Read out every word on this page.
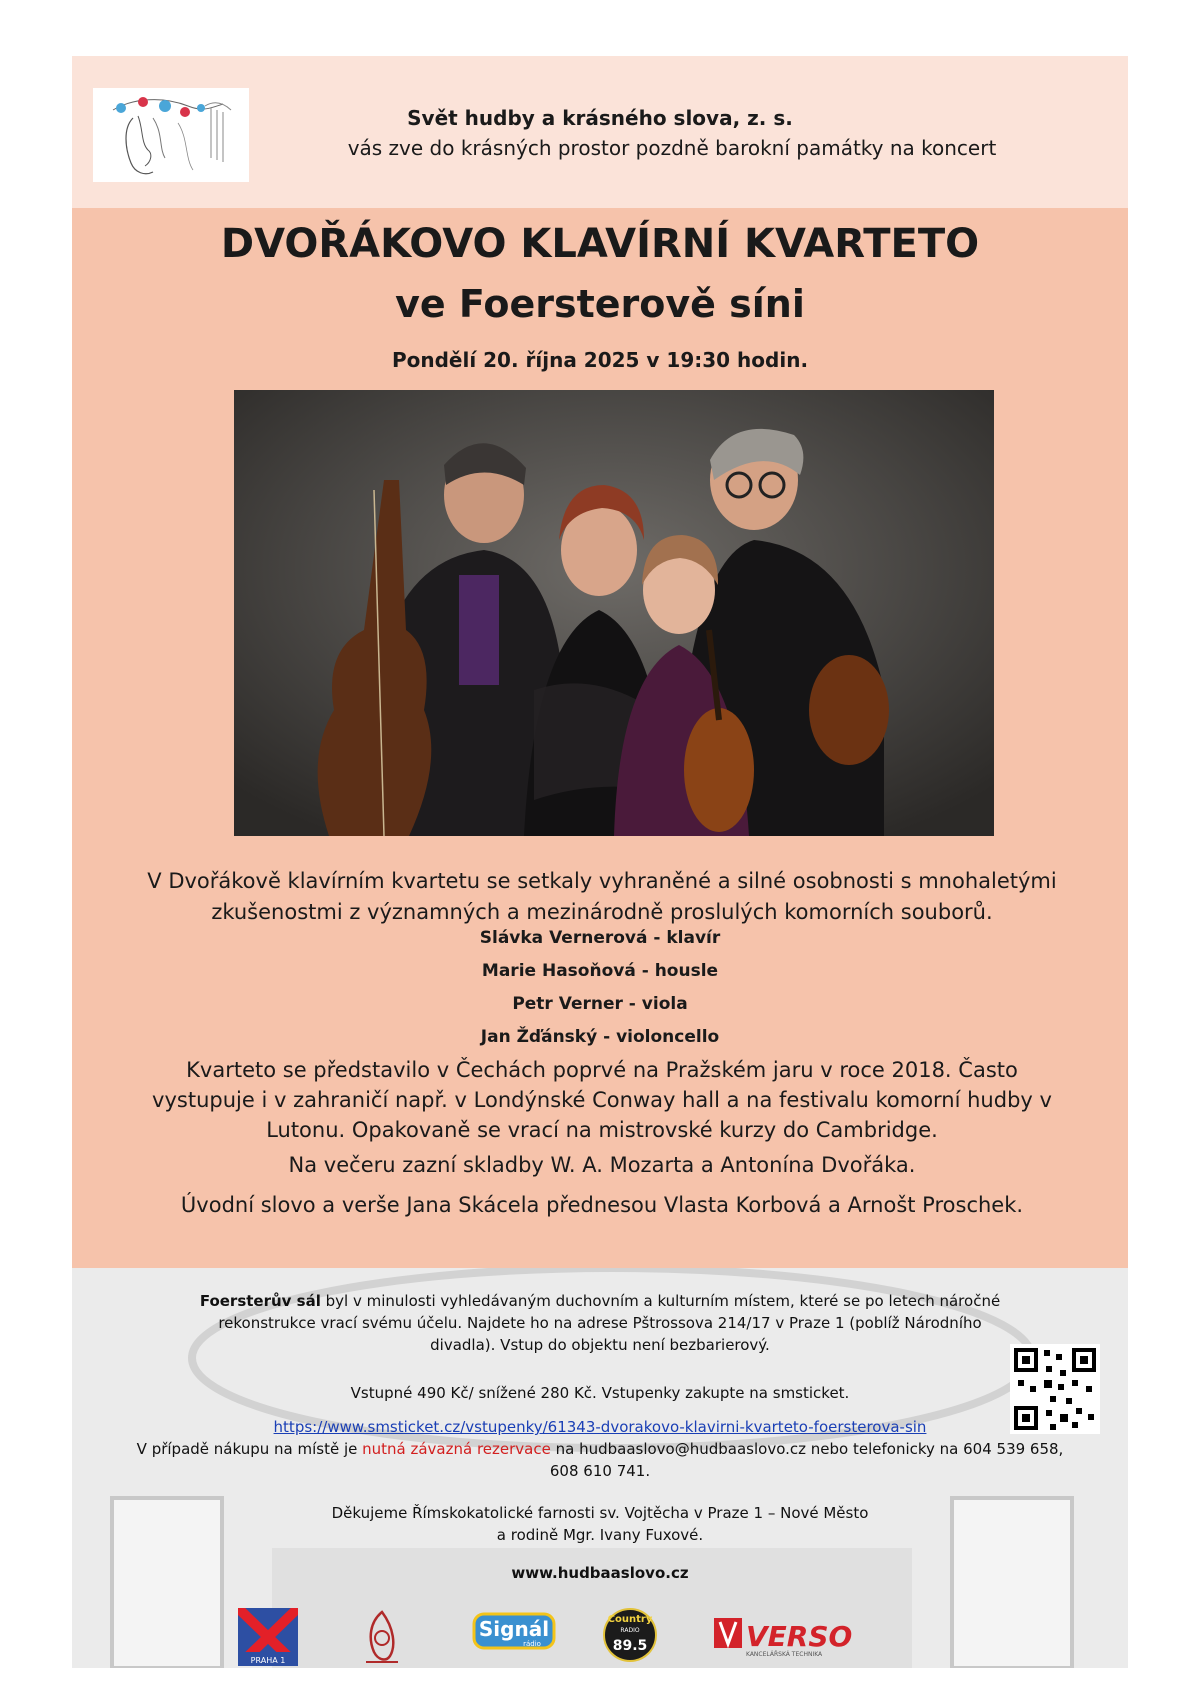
Svět hudby a krásného slova, z. s.
vás zve do krásných prostor pozdně barokní památky na koncert
DVOŘÁKOVO KLAVÍRNÍ KVARTETO
ve Foersterově síni
Pondělí 20. října 2025 v 19:30 hodin.
V Dvořákově klavírním kvartetu se setkaly vyhraněné a silné osobnosti s mnohaletými
zkušenostmi z významných a mezinárodně proslulých komorních souborů.
Slávka Vernerová - klavír
Marie Hasoňová - housle
Petr Verner - viola
Jan Žďánský - violoncello
Kvarteto se představilo v Čechách poprvé na Pražském jaru v roce 2018. Často
vystupuje i v zahraničí např. v Londýnské Conway hall a na festivalu komorní hudby v
Lutonu. Opakovaně se vrací na mistrovské kurzy do Cambridge.
Na večeru zazní skladby W. A. Mozarta a Antonína Dvořáka.
Úvodní slovo a verše Jana Skácela přednesou Vlasta Korbová a Arnošt Proschek.
Foersterův sál byl v minulosti vyhledávaným duchovním a kulturním místem, které se po letech náročné
rekonstrukce vrací svému účelu. Najdete ho na adrese Pštrossova 214/17 v Praze 1 (poblíž Národního
divadla). Vstup do objektu není bezbarierový.
Vstupné 490 Kč/ snížené 280 Kč. Vstupenky zakupte na smsticket.
https://www.smsticket.cz/vstupenky/61343-dvorakovo-klavirni-kvarteto-foersterova-sin
V případě nákupu na místě je nutná závazná rezervace na hudbaaslovo@hudbaaslovo.cz nebo telefonicky na 604 539 658,
608 610 741.
Děkujeme Římskokatolické farnosti sv. Vojtěcha v Praze 1 – Nové Město
a rodině Mgr. Ivany Fuxové.
www.hudbaaslovo.cz
PRAHA 1
Signál
rádio
Country
RADIO
89.5	VERSO
KANCELÁŘSKÁ TECHNIKA
